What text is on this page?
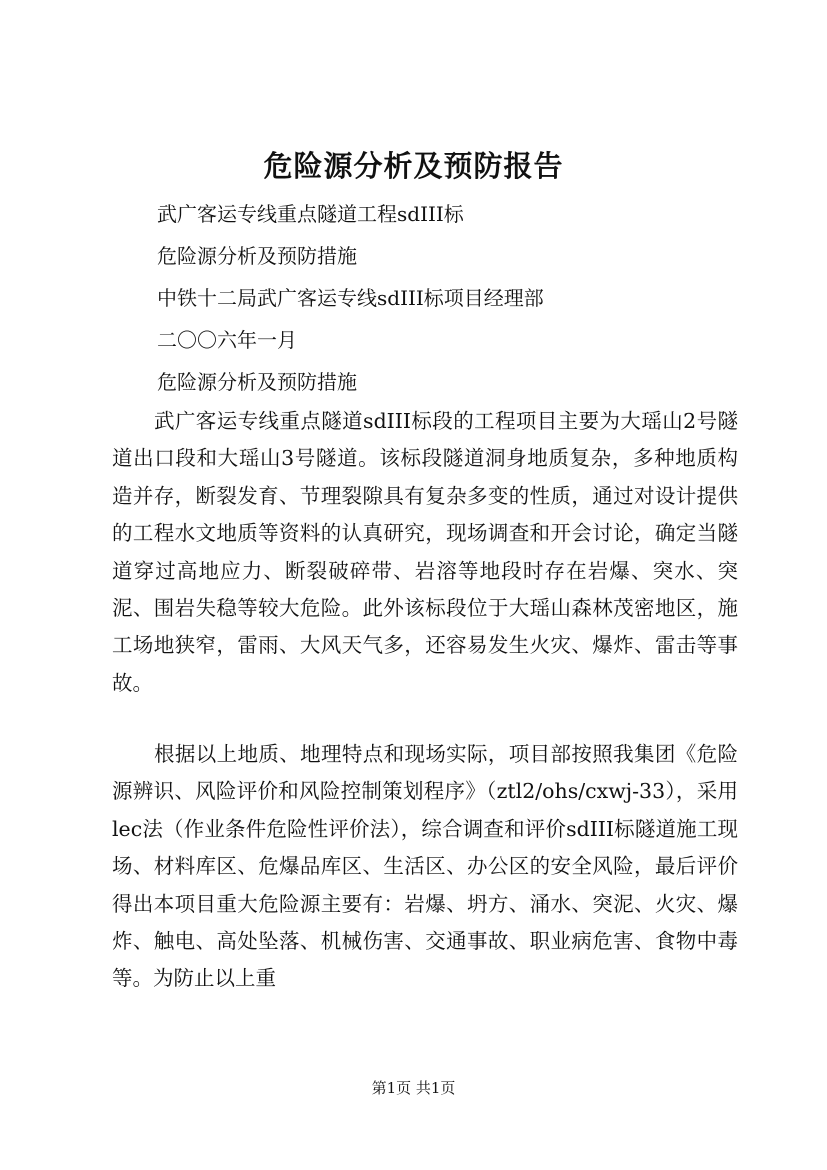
危险源分析及预防报告
武广客运专线重点隧道工程sdIII标
危险源分析及预防措施
中铁十二局武广客运专线sdIII标项目经理部
二〇〇六年一月
危险源分析及预防措施

武广客运专线重点隧道sdIII标段的工程项目主要为大瑶山2号隧道出口段和大瑶山3号隧道。该标段隧道洞身地质复杂，多种地质构造并存，断裂发育、节理裂隙具有复杂多变的性质，通过对设计提供的工程水文地质等资料的认真研究，现场调查和开会讨论，确定当隧道穿过高地应力、断裂破碎带、岩溶等地段时存在岩爆、突水、突泥、围岩失稳等较大危险。此外该标段位于大瑶山森林茂密地区，施工场地狭窄，雷雨、大风天气多，还容易发生火灾、爆炸、雷击等事故。

根据以上地质、地理特点和现场实际，项目部按照我集团《危险源辨识、风险评价和风险控制策划程序》（ztl2/ohs/cxwj-33），采用lec法（作业条件危险性评价法），综合调查和评价sdIII标隧道施工现场、材料库区、危爆品库区、生活区、办公区的安全风险，最后评价得出本项目重大危险源主要有：岩爆、坍方、涌水、突泥、火灾、爆炸、触电、高处坠落、机械伤害、交通事故、职业病危害、食物中毒等。为防止以上重

第1页 共1页
